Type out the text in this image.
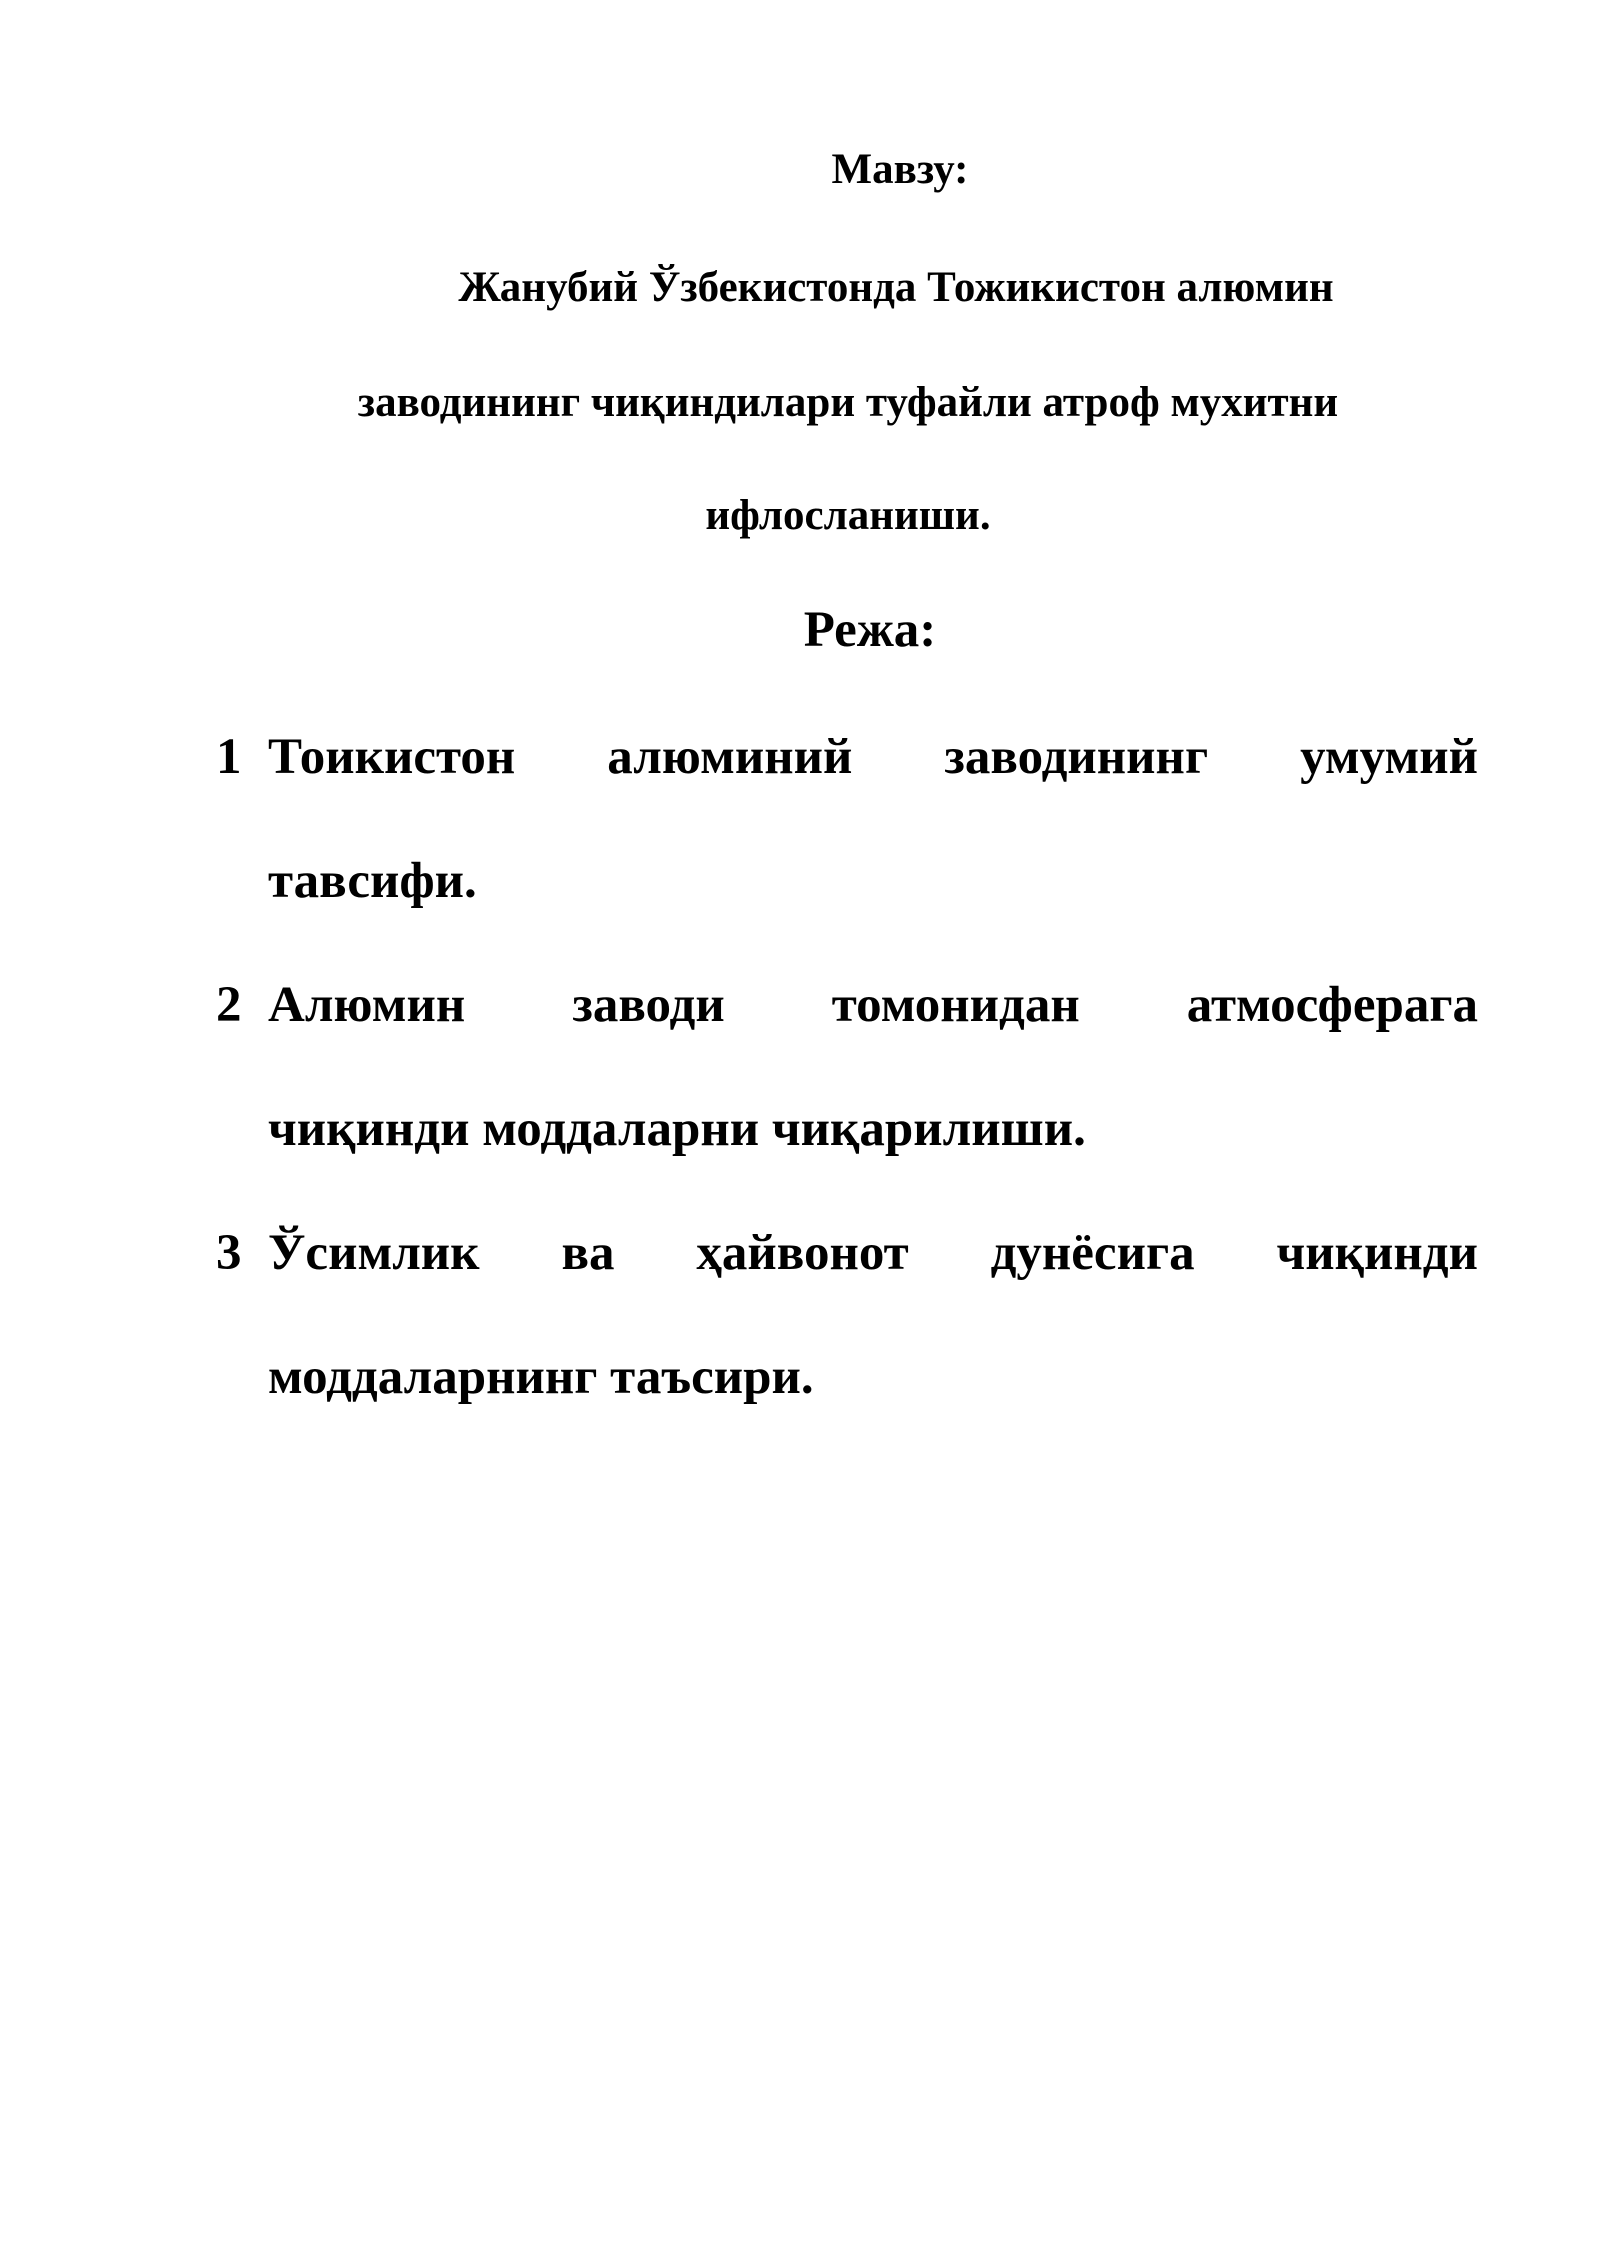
Мавзу:
Жанубий Ўзбекистонда Тожикистон алюмин
заводининг чиқиндилари туфайли атроф мухитни
ифлосланиши.
Режа:
1 Тоикистон алюминий заводининг умумий
тавсифи.
2 Алюмин заводи томонидан атмосферага
чиқинди моддаларни чиқарилиши.
3 Ўсимлик ва ҳайвонот дунёсига чиқинди
моддаларнинг таъсири.
